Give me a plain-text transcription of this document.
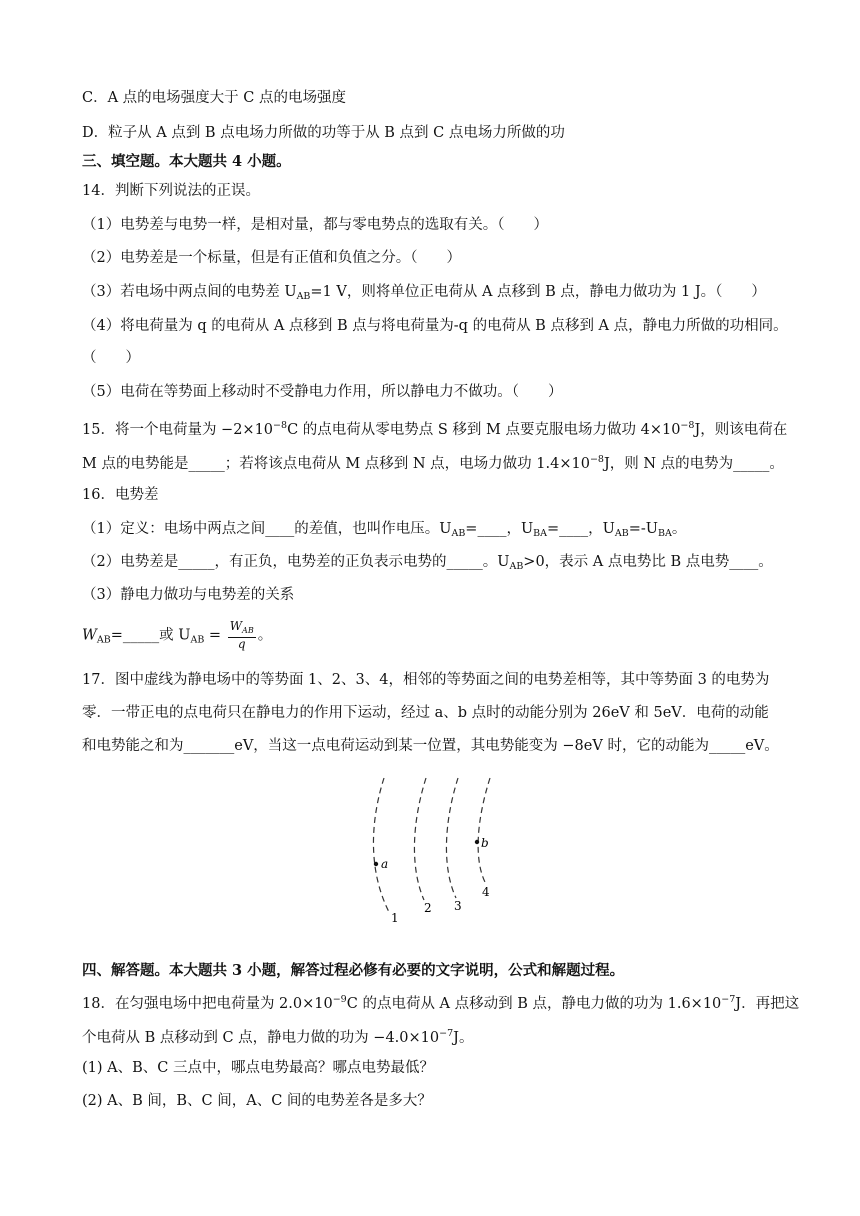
C．A 点的电场强度大于 C 点的电场强度
D．粒子从 A 点到 B 点电场力所做的功等于从 B 点到 C 点电场力所做的功
三、填空题。本大题共 4 小题。
14．判断下列说法的正误。
（1）电势差与电势一样，是相对量，都与零电势点的选取有关。（　　）
（2）电势差是一个标量，但是有正值和负值之分。（　　）
（3）若电场中两点间的电势差 $U_{AB}=1$ V，则将单位正电荷从 A 点移到 B 点，静电力做功为 1 J。（　　）
（4）将电荷量为 q 的电荷从 A 点移到 B 点与将电荷量为-q 的电荷从 B 点移到 A 点，静电力所做的功相同。
（　　）
（5）电荷在等势面上移动时不受静电力作用，所以静电力不做功。（　　）
15．将一个电荷量为 $-2\times 10^{-8}C$ 的点电荷从零电势点 S 移到 M 点要克服电场力做功 $4\times 10^{-8}J$，则该电荷在
M 点的电势能是_____；若将该点电荷从 M 点移到 N 点，电场力做功 $1.4\times 10^{-8}J$，则 N 点的电势为_____。
16．电势差
（1）定义：电场中两点之间____的差值，也叫作电压。$U_{AB}=\_\_\_\_$，$U_{BA}=\_\_\_\_$，$U_{AB}=-U_{BA}$。
（2）电势差是_____，有正负，电势差的正负表示电势的_____。$U_{AB}>0$，表示 A 点电势比 B 点电势____。
（3）静电力做功与电势差的关系
$W_{AB}=\_\_\_\_\_$或 $U_{AB} = \frac{W_{AB}}{q}$ 。
17．图中虚线为静电场中的等势面 1、2、3、4，相邻的等势面之间的电势差相等，其中等势面 3 的电势为
零．一带正电的点电荷只在静电力的作用下运动，经过 a、b 点时的动能分别为 26eV 和 5eV．电荷的动能
和电势能之和为_______eV，当这一点电荷运动到某一位置，其电势能变为 −8eV 时，它的动能为_____eV。
a
b
1
2 3
4
四、解答题。本大题共 3 小题，解答过程必修有必要的文字说明，公式和解题过程。
18．在匀强电场中把电荷量为 $2.0\times 10^{-9}C$ 的点电荷从 A 点移动到 B 点，静电力做的功为 $1.6\times 10^{-7}J$．再把这
个电荷从 B 点移动到 C 点，静电力做的功为 $-4.0\times 10^{-7}J$。
(1) A、B、C 三点中，哪点电势最高？哪点电势最低？
(2) A、B 间，B、C 间，A、C 间的电势差各是多大？
